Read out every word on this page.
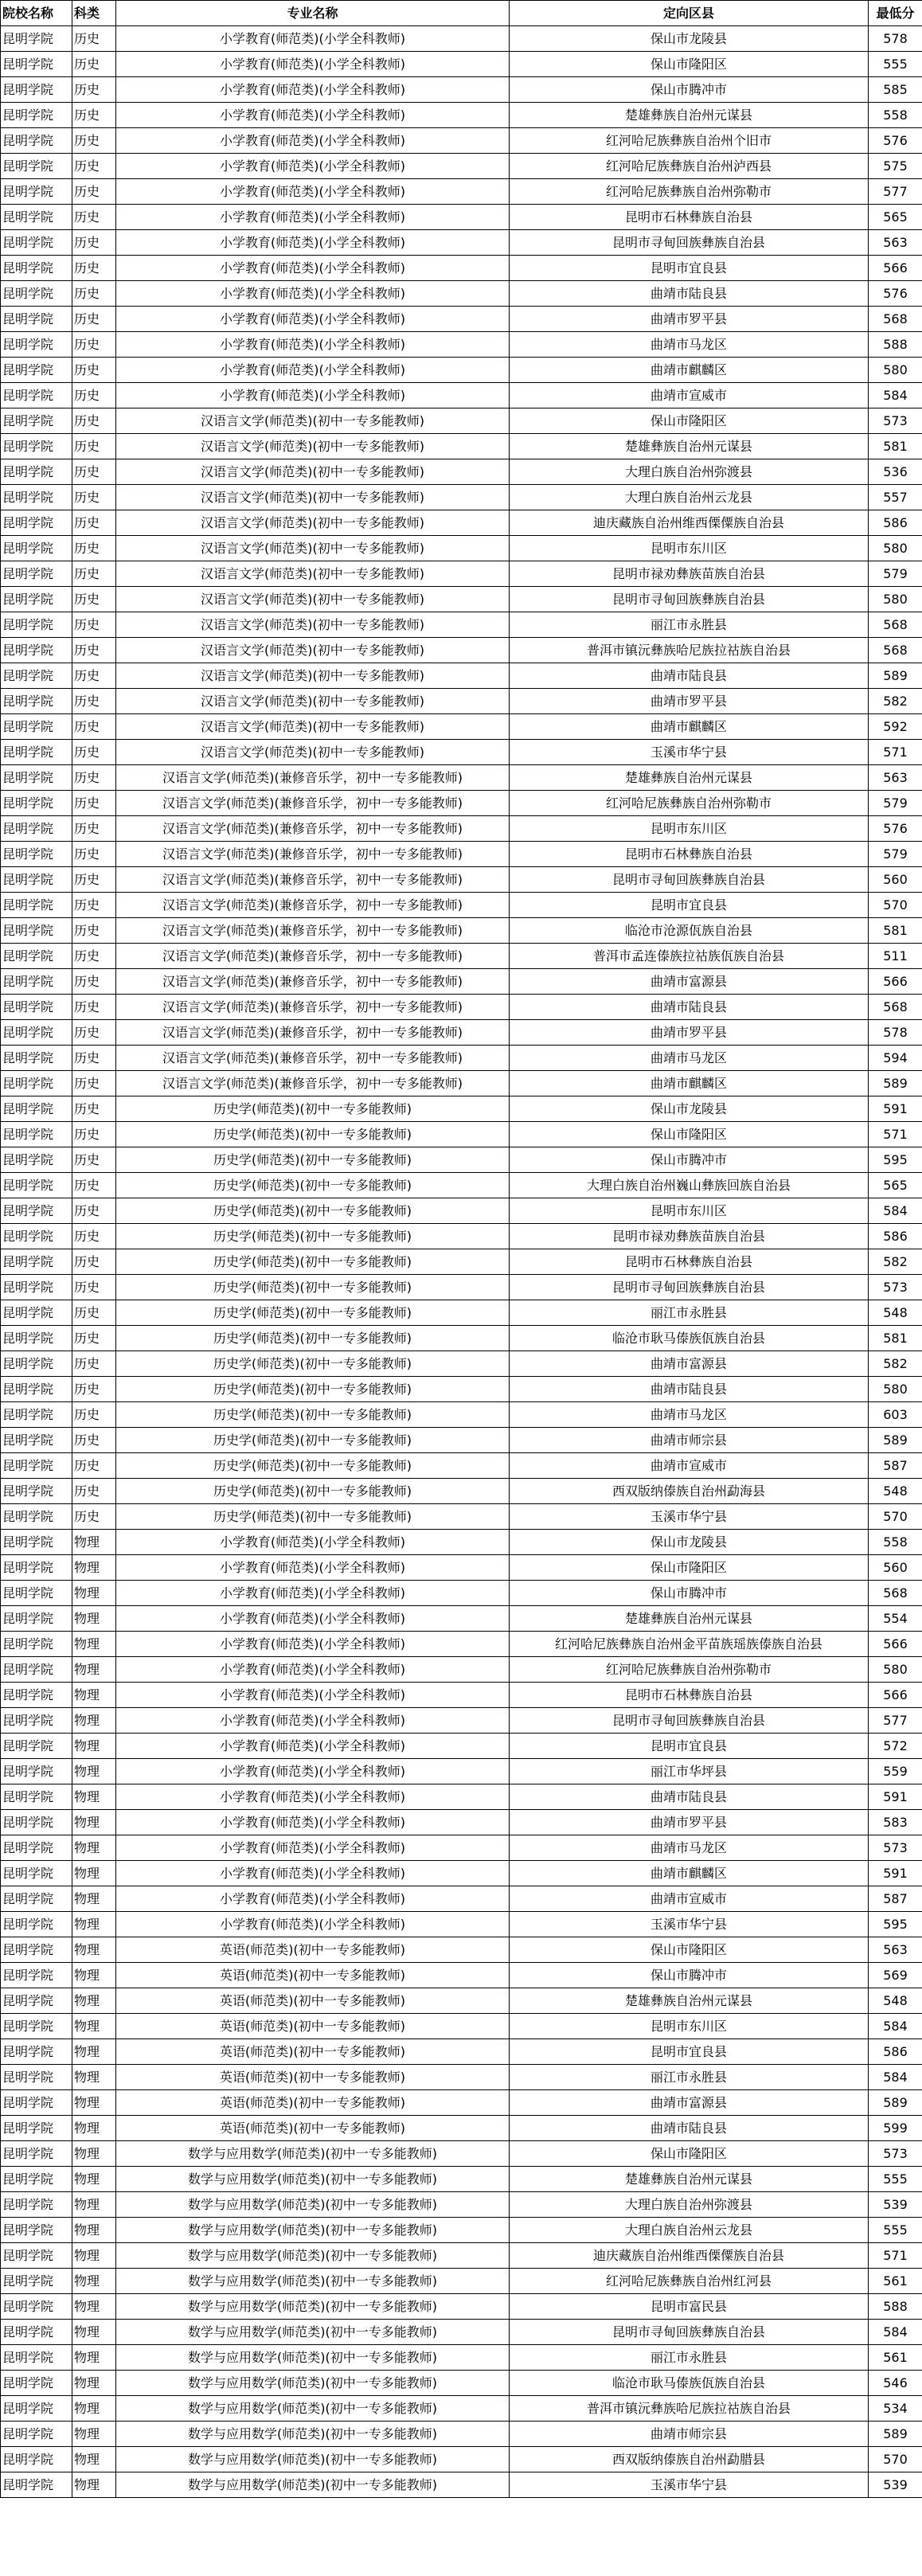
院校名称	科类	专业名称	定向区县	最低分
昆明学院	历史	小学教育(师范类)(小学全科教师)	保山市龙陵县	578
昆明学院	历史	小学教育(师范类)(小学全科教师)	保山市隆阳区	555
昆明学院	历史	小学教育(师范类)(小学全科教师)	保山市腾冲市	585
昆明学院	历史	小学教育(师范类)(小学全科教师)	楚雄彝族自治州元谋县	558
昆明学院	历史	小学教育(师范类)(小学全科教师)	红河哈尼族彝族自治州个旧市	576
昆明学院	历史	小学教育(师范类)(小学全科教师)	红河哈尼族彝族自治州泸西县	575
昆明学院	历史	小学教育(师范类)(小学全科教师)	红河哈尼族彝族自治州弥勒市	577
昆明学院	历史	小学教育(师范类)(小学全科教师)	昆明市石林彝族自治县	565
昆明学院	历史	小学教育(师范类)(小学全科教师)	昆明市寻甸回族彝族自治县	563
昆明学院	历史	小学教育(师范类)(小学全科教师)	昆明市宜良县	566
昆明学院	历史	小学教育(师范类)(小学全科教师)	曲靖市陆良县	576
昆明学院	历史	小学教育(师范类)(小学全科教师)	曲靖市罗平县	568
昆明学院	历史	小学教育(师范类)(小学全科教师)	曲靖市马龙区	588
昆明学院	历史	小学教育(师范类)(小学全科教师)	曲靖市麒麟区	580
昆明学院	历史	小学教育(师范类)(小学全科教师)	曲靖市宣威市	584
昆明学院	历史	汉语言文学(师范类)(初中一专多能教师)	保山市隆阳区	573
昆明学院	历史	汉语言文学(师范类)(初中一专多能教师)	楚雄彝族自治州元谋县	581
昆明学院	历史	汉语言文学(师范类)(初中一专多能教师)	大理白族自治州弥渡县	536
昆明学院	历史	汉语言文学(师范类)(初中一专多能教师)	大理白族自治州云龙县	557
昆明学院	历史	汉语言文学(师范类)(初中一专多能教师)	迪庆藏族自治州维西傈僳族自治县	586
昆明学院	历史	汉语言文学(师范类)(初中一专多能教师)	昆明市东川区	580
昆明学院	历史	汉语言文学(师范类)(初中一专多能教师)	昆明市禄劝彝族苗族自治县	579
昆明学院	历史	汉语言文学(师范类)(初中一专多能教师)	昆明市寻甸回族彝族自治县	580
昆明学院	历史	汉语言文学(师范类)(初中一专多能教师)	丽江市永胜县	568
昆明学院	历史	汉语言文学(师范类)(初中一专多能教师)	普洱市镇沅彝族哈尼族拉祜族自治县	568
昆明学院	历史	汉语言文学(师范类)(初中一专多能教师)	曲靖市陆良县	589
昆明学院	历史	汉语言文学(师范类)(初中一专多能教师)	曲靖市罗平县	582
昆明学院	历史	汉语言文学(师范类)(初中一专多能教师)	曲靖市麒麟区	592
昆明学院	历史	汉语言文学(师范类)(初中一专多能教师)	玉溪市华宁县	571
昆明学院	历史	汉语言文学(师范类)(兼修音乐学，初中一专多能教师)	楚雄彝族自治州元谋县	563
昆明学院	历史	汉语言文学(师范类)(兼修音乐学，初中一专多能教师)	红河哈尼族彝族自治州弥勒市	579
昆明学院	历史	汉语言文学(师范类)(兼修音乐学，初中一专多能教师)	昆明市东川区	576
昆明学院	历史	汉语言文学(师范类)(兼修音乐学，初中一专多能教师)	昆明市石林彝族自治县	579
昆明学院	历史	汉语言文学(师范类)(兼修音乐学，初中一专多能教师)	昆明市寻甸回族彝族自治县	560
昆明学院	历史	汉语言文学(师范类)(兼修音乐学，初中一专多能教师)	昆明市宜良县	570
昆明学院	历史	汉语言文学(师范类)(兼修音乐学，初中一专多能教师)	临沧市沧源佤族自治县	581
昆明学院	历史	汉语言文学(师范类)(兼修音乐学，初中一专多能教师)	普洱市孟连傣族拉祜族佤族自治县	511
昆明学院	历史	汉语言文学(师范类)(兼修音乐学，初中一专多能教师)	曲靖市富源县	566
昆明学院	历史	汉语言文学(师范类)(兼修音乐学，初中一专多能教师)	曲靖市陆良县	568
昆明学院	历史	汉语言文学(师范类)(兼修音乐学，初中一专多能教师)	曲靖市罗平县	578
昆明学院	历史	汉语言文学(师范类)(兼修音乐学，初中一专多能教师)	曲靖市马龙区	594
昆明学院	历史	汉语言文学(师范类)(兼修音乐学，初中一专多能教师)	曲靖市麒麟区	589
昆明学院	历史	历史学(师范类)(初中一专多能教师)	保山市龙陵县	591
昆明学院	历史	历史学(师范类)(初中一专多能教师)	保山市隆阳区	571
昆明学院	历史	历史学(师范类)(初中一专多能教师)	保山市腾冲市	595
昆明学院	历史	历史学(师范类)(初中一专多能教师)	大理白族自治州巍山彝族回族自治县	565
昆明学院	历史	历史学(师范类)(初中一专多能教师)	昆明市东川区	584
昆明学院	历史	历史学(师范类)(初中一专多能教师)	昆明市禄劝彝族苗族自治县	586
昆明学院	历史	历史学(师范类)(初中一专多能教师)	昆明市石林彝族自治县	582
昆明学院	历史	历史学(师范类)(初中一专多能教师)	昆明市寻甸回族彝族自治县	573
昆明学院	历史	历史学(师范类)(初中一专多能教师)	丽江市永胜县	548
昆明学院	历史	历史学(师范类)(初中一专多能教师)	临沧市耿马傣族佤族自治县	581
昆明学院	历史	历史学(师范类)(初中一专多能教师)	曲靖市富源县	582
昆明学院	历史	历史学(师范类)(初中一专多能教师)	曲靖市陆良县	580
昆明学院	历史	历史学(师范类)(初中一专多能教师)	曲靖市马龙区	603
昆明学院	历史	历史学(师范类)(初中一专多能教师)	曲靖市师宗县	589
昆明学院	历史	历史学(师范类)(初中一专多能教师)	曲靖市宣威市	587
昆明学院	历史	历史学(师范类)(初中一专多能教师)	西双版纳傣族自治州勐海县	548
昆明学院	历史	历史学(师范类)(初中一专多能教师)	玉溪市华宁县	570
昆明学院	物理	小学教育(师范类)(小学全科教师)	保山市龙陵县	558
昆明学院	物理	小学教育(师范类)(小学全科教师)	保山市隆阳区	560
昆明学院	物理	小学教育(师范类)(小学全科教师)	保山市腾冲市	568
昆明学院	物理	小学教育(师范类)(小学全科教师)	楚雄彝族自治州元谋县	554
昆明学院	物理	小学教育(师范类)(小学全科教师)	红河哈尼族彝族自治州金平苗族瑶族傣族自治县	566
昆明学院	物理	小学教育(师范类)(小学全科教师)	红河哈尼族彝族自治州弥勒市	580
昆明学院	物理	小学教育(师范类)(小学全科教师)	昆明市石林彝族自治县	566
昆明学院	物理	小学教育(师范类)(小学全科教师)	昆明市寻甸回族彝族自治县	577
昆明学院	物理	小学教育(师范类)(小学全科教师)	昆明市宜良县	572
昆明学院	物理	小学教育(师范类)(小学全科教师)	丽江市华坪县	559
昆明学院	物理	小学教育(师范类)(小学全科教师)	曲靖市陆良县	591
昆明学院	物理	小学教育(师范类)(小学全科教师)	曲靖市罗平县	583
昆明学院	物理	小学教育(师范类)(小学全科教师)	曲靖市马龙区	573
昆明学院	物理	小学教育(师范类)(小学全科教师)	曲靖市麒麟区	591
昆明学院	物理	小学教育(师范类)(小学全科教师)	曲靖市宣威市	587
昆明学院	物理	小学教育(师范类)(小学全科教师)	玉溪市华宁县	595
昆明学院	物理	英语(师范类)(初中一专多能教师)	保山市隆阳区	563
昆明学院	物理	英语(师范类)(初中一专多能教师)	保山市腾冲市	569
昆明学院	物理	英语(师范类)(初中一专多能教师)	楚雄彝族自治州元谋县	548
昆明学院	物理	英语(师范类)(初中一专多能教师)	昆明市东川区	584
昆明学院	物理	英语(师范类)(初中一专多能教师)	昆明市宜良县	586
昆明学院	物理	英语(师范类)(初中一专多能教师)	丽江市永胜县	584
昆明学院	物理	英语(师范类)(初中一专多能教师)	曲靖市富源县	589
昆明学院	物理	英语(师范类)(初中一专多能教师)	曲靖市陆良县	599
昆明学院	物理	数学与应用数学(师范类)(初中一专多能教师)	保山市隆阳区	573
昆明学院	物理	数学与应用数学(师范类)(初中一专多能教师)	楚雄彝族自治州元谋县	555
昆明学院	物理	数学与应用数学(师范类)(初中一专多能教师)	大理白族自治州弥渡县	539
昆明学院	物理	数学与应用数学(师范类)(初中一专多能教师)	大理白族自治州云龙县	555
昆明学院	物理	数学与应用数学(师范类)(初中一专多能教师)	迪庆藏族自治州维西傈僳族自治县	571
昆明学院	物理	数学与应用数学(师范类)(初中一专多能教师)	红河哈尼族彝族自治州红河县	561
昆明学院	物理	数学与应用数学(师范类)(初中一专多能教师)	昆明市富民县	588
昆明学院	物理	数学与应用数学(师范类)(初中一专多能教师)	昆明市寻甸回族彝族自治县	584
昆明学院	物理	数学与应用数学(师范类)(初中一专多能教师)	丽江市永胜县	561
昆明学院	物理	数学与应用数学(师范类)(初中一专多能教师)	临沧市耿马傣族佤族自治县	546
昆明学院	物理	数学与应用数学(师范类)(初中一专多能教师)	普洱市镇沅彝族哈尼族拉祜族自治县	534
昆明学院	物理	数学与应用数学(师范类)(初中一专多能教师)	曲靖市师宗县	589
昆明学院	物理	数学与应用数学(师范类)(初中一专多能教师)	西双版纳傣族自治州勐腊县	570
昆明学院	物理	数学与应用数学(师范类)(初中一专多能教师)	玉溪市华宁县	539
